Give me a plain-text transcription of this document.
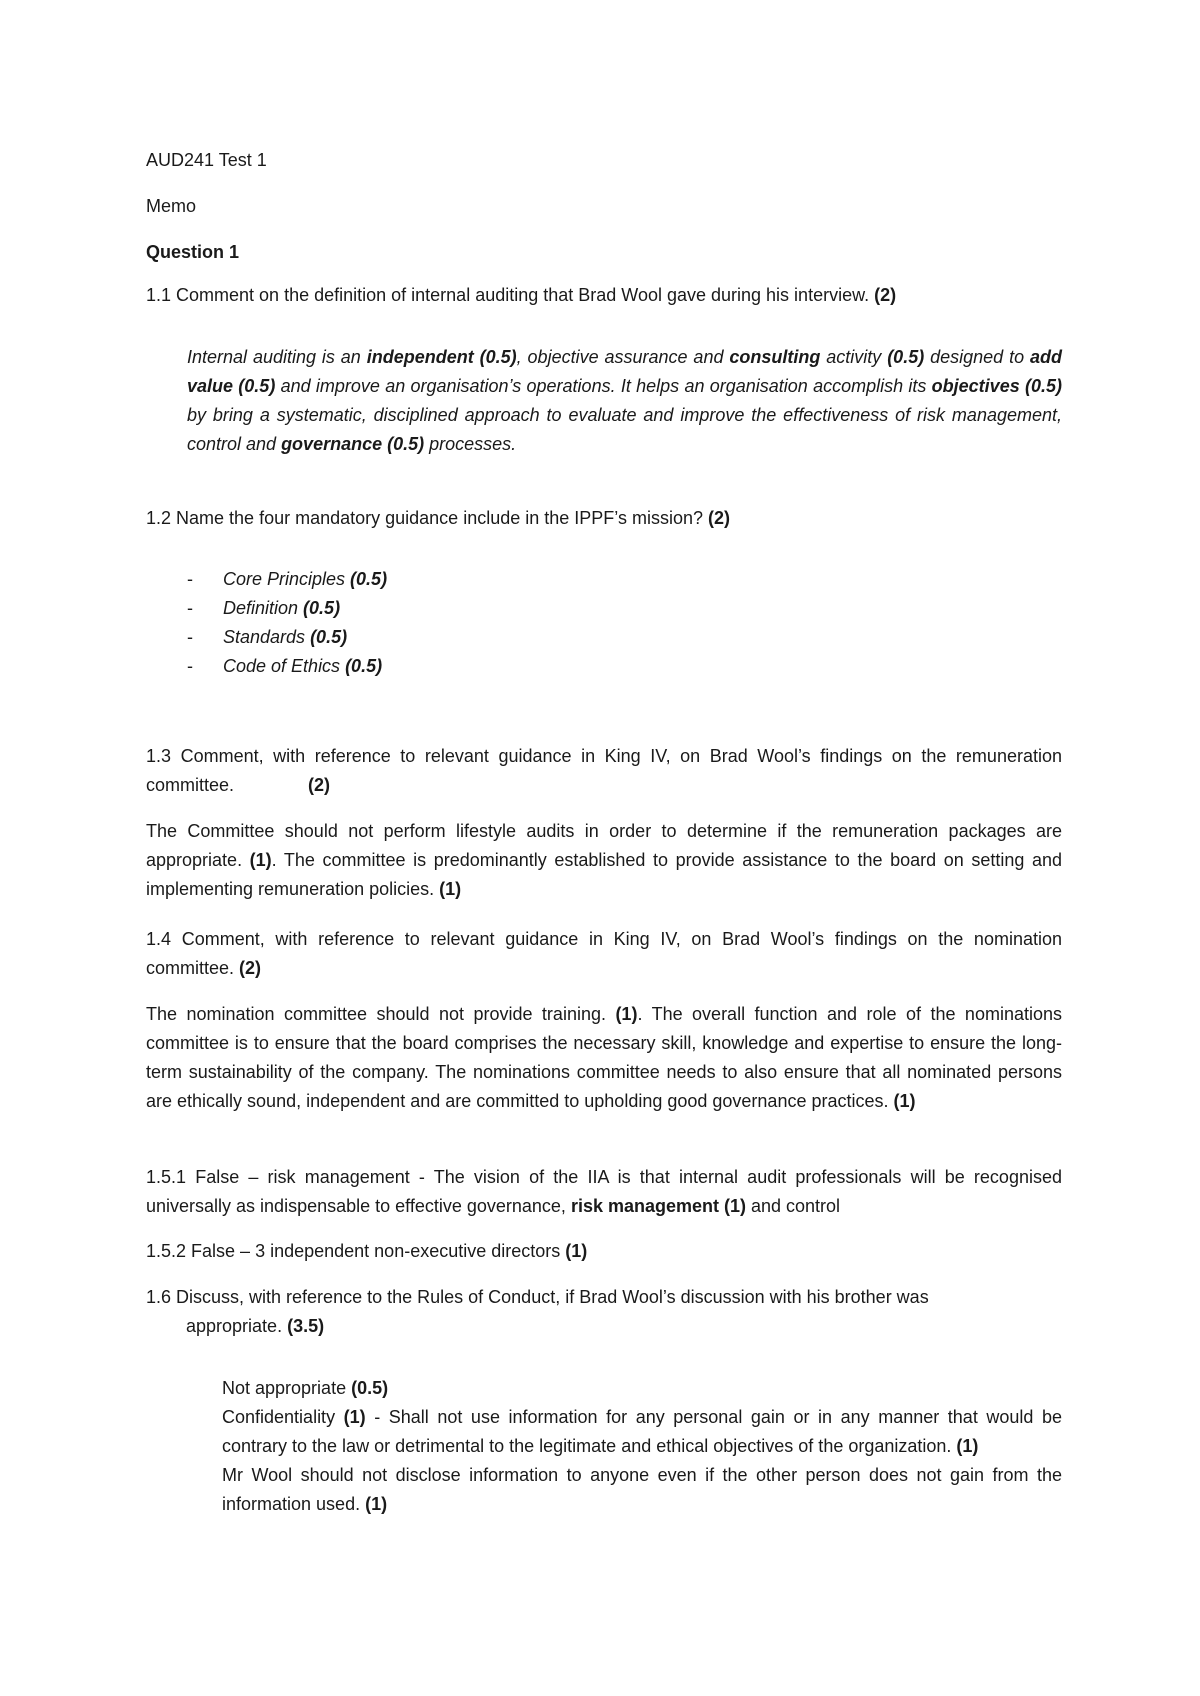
AUD241 Test 1
Memo
Question 1
1.1 Comment on the definition of internal auditing that Brad Wool gave during his interview. (2)
Internal auditing is an independent (0.5), objective assurance and consulting activity (0.5) designed to add value (0.5) and improve an organisation’s operations. It helps an organisation accomplish its objectives (0.5) by bring a systematic, disciplined approach to evaluate and improve the effectiveness of risk management, control and governance (0.5) processes.
1.2 Name the four mandatory guidance include in the IPPF’s mission? (2)
- Core Principles (0.5)
- Definition (0.5)
- Standards (0.5)
- Code of Ethics (0.5)
1.3 Comment, with reference to relevant guidance in King IV, on Brad Wool’s findings on the remuneration committee.	(2)
The Committee should not perform lifestyle audits in order to determine if the remuneration packages are appropriate. (1). The committee is predominantly established to provide assistance to the board on setting and implementing remuneration policies. (1)
1.4 Comment, with reference to relevant guidance in King IV, on Brad Wool’s findings on the nomination committee. (2)
The nomination committee should not provide training. (1). The overall function and role of the nominations committee is to ensure that the board comprises the necessary skill, knowledge and expertise to ensure the long-term sustainability of the company. The nominations committee needs to also ensure that all nominated persons are ethically sound, independent and are committed to upholding good governance practices. (1)
1.5.1 False – risk management - The vision of the IIA is that internal audit professionals will be recognised universally as indispensable to effective governance, risk management (1) and control
1.5.2 False – 3 independent non-executive directors (1)
1.6 Discuss, with reference to the Rules of Conduct, if Brad Wool’s discussion with his brother was
appropriate. (3.5)
Not appropriate (0.5)
Confidentiality (1) - Shall not use information for any personal gain or in any manner that would be contrary to the law or detrimental to the legitimate and ethical objectives of the organization. (1)
Mr Wool should not disclose information to anyone even if the other person does not gain from the information used. (1)
